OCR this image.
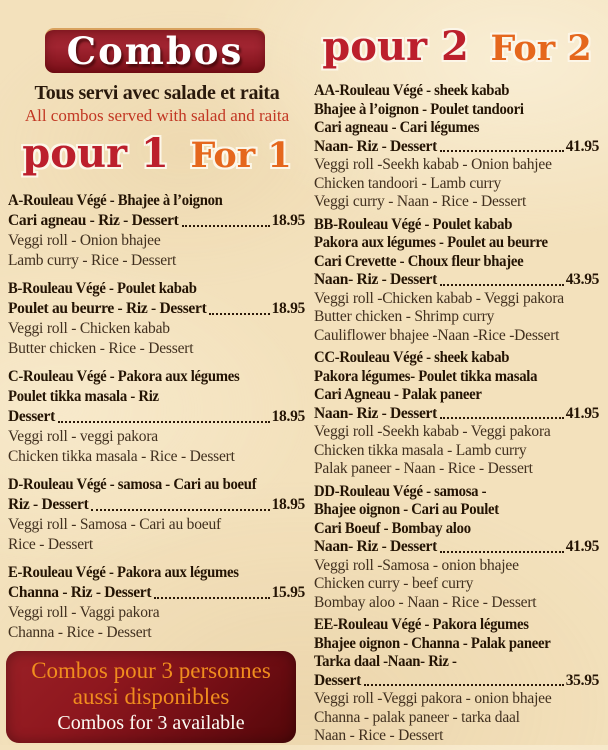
Combos
Tous servi avec salade et raita
All combos served with salad and raita
pour 1 For 1
A-Rouleau Végé - Bhajee à l’oignon
Cari agneau - Riz - Dessert	18.95
Veggi roll - Onion bhajee
Lamb curry - Rice - Dessert
B-Rouleau Végé - Poulet kabab
Poulet au beurre - Riz - Dessert	18.95
Veggi roll - Chicken kabab
Butter chicken - Rice - Dessert
C-Rouleau Végé - Pakora aux légumes
Poulet tikka masala - Riz
Dessert	18.95
Veggi roll - veggi pakora
Chicken tikka masala - Rice - Dessert
D-Rouleau Végé - samosa - Cari au boeuf
Riz - Dessert	18.95
Veggi roll - Samosa - Cari au boeuf
Rice - Dessert
E-Rouleau Végé - Pakora aux légumes
Channa - Riz - Dessert	15.95
Veggi roll - Vaggi pakora
Channa - Rice - Dessert
Combos pour 3 personnes
aussi disponibles
Combos for 3 available
pour 2 For 2
AA-Rouleau Végé - sheek kabab
Bhajee à l’oignon - Poulet tandoori
Cari agneau - Cari légumes
Naan- Riz - Dessert	41.95
Veggi roll -Seekh kabab - Onion bahjee
Chicken tandoori - Lamb curry
Veggi curry - Naan - Rice - Dessert
BB-Rouleau Végé - Poulet kabab
Pakora aux légumes - Poulet au beurre
Cari Crevette - Choux fleur bhajee
Naan- Riz - Dessert	43.95
Veggi roll -Chicken kabab - Veggi pakora
Butter chicken - Shrimp curry
Cauliflower bhajee -Naan -Rice -Dessert
CC-Rouleau Végé - sheek kabab
Pakora légumes- Poulet tikka masala
Cari Agneau - Palak paneer
Naan- Riz - Dessert	41.95
Veggi roll -Seekh kabab - Veggi pakora
Chicken tikka masala - Lamb curry
Palak paneer - Naan - Rice - Dessert
DD-Rouleau Végé - samosa -
Bhajee oignon - Cari au Poulet
Cari Boeuf - Bombay aloo
Naan- Riz - Dessert	41.95
Veggi roll -Samosa - onion bhajee
Chicken curry - beef curry
Bombay aloo - Naan - Rice - Dessert
EE-Rouleau Végé - Pakora légumes
Bhajee oignon - Channa - Palak paneer
Tarka daal -Naan- Riz -
Dessert	35.95
Veggi roll -Veggi pakora - onion bhajee
Channa - palak paneer - tarka daal
Naan - Rice - Dessert
